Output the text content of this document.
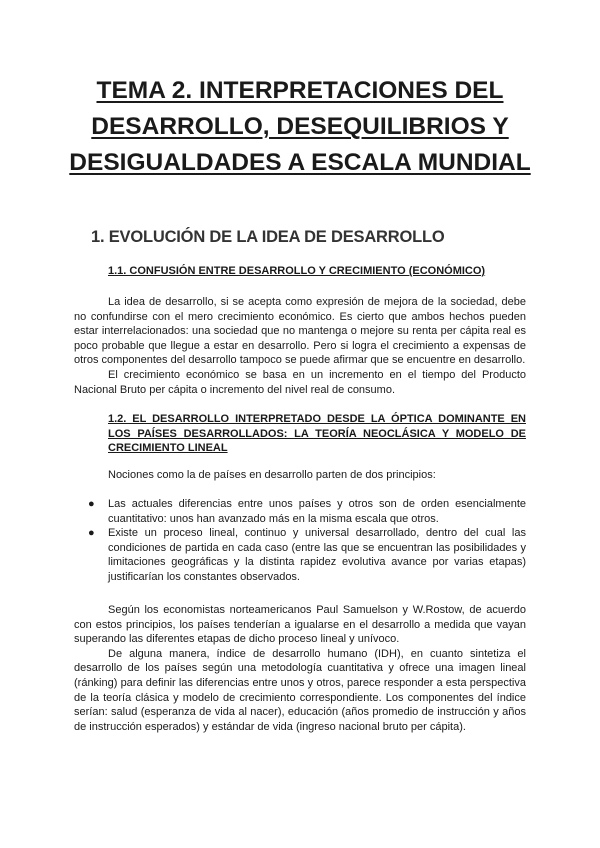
TEMA 2. INTERPRETACIONES DEL DESARROLLO, DESEQUILIBRIOS Y DESIGUALDADES A ESCALA MUNDIAL
1. EVOLUCIÓN DE LA IDEA DE DESARROLLO
1.1. CONFUSIÓN ENTRE DESARROLLO Y CRECIMIENTO (ECONÓMICO)

La idea de desarrollo, si se acepta como expresión de mejora de la sociedad, debe no confundirse con el mero crecimiento económico. Es cierto que ambos hechos pueden estar interrelacionados: una sociedad que no mantenga o mejore su renta per cápita real es poco probable que llegue a estar en desarrollo. Pero si logra el crecimiento a expensas de otros componentes del desarrollo tampoco se puede afirmar que se encuentre en desarrollo.

El crecimiento económico se basa en un incremento en el tiempo del Producto Nacional Bruto per cápita o incremento del nivel real de consumo.

1.2. EL DESARROLLO INTERPRETADO DESDE LA ÓPTICA DOMINANTE EN LOS PAÍSES DESARROLLADOS: LA TEORÍA NEOCLÁSICA Y MODELO DE CRECIMIENTO LINEAL

Nociones como la de países en desarrollo parten de dos principios:

● Las actuales diferencias entre unos países y otros son de orden esencialmente cuantitativo: unos han avanzado más en la misma escala que otros.
● Existe un proceso lineal, continuo y universal desarrollado, dentro del cual las condiciones de partida en cada caso (entre las que se encuentran las posibilidades y limitaciones geográficas y la distinta rapidez evolutiva avance por varias etapas) justificarían los constantes observados.

Según los economistas norteamericanos Paul Samuelson y W.Rostow, de acuerdo con estos principios, los países tenderían a igualarse en el desarrollo a medida que vayan superando las diferentes etapas de dicho proceso lineal y unívoco.

De alguna manera, índice de desarrollo humano (IDH), en cuanto sintetiza el desarrollo de los países según una metodología cuantitativa y ofrece una imagen lineal (ránking) para definir las diferencias entre unos y otros, parece responder a esta perspectiva de la teoría clásica y modelo de crecimiento correspondiente. Los componentes del índice serían: salud (esperanza de vida al nacer), educación (años promedio de instrucción y años de instrucción esperados) y estándar de vida (ingreso nacional bruto per cápita).
